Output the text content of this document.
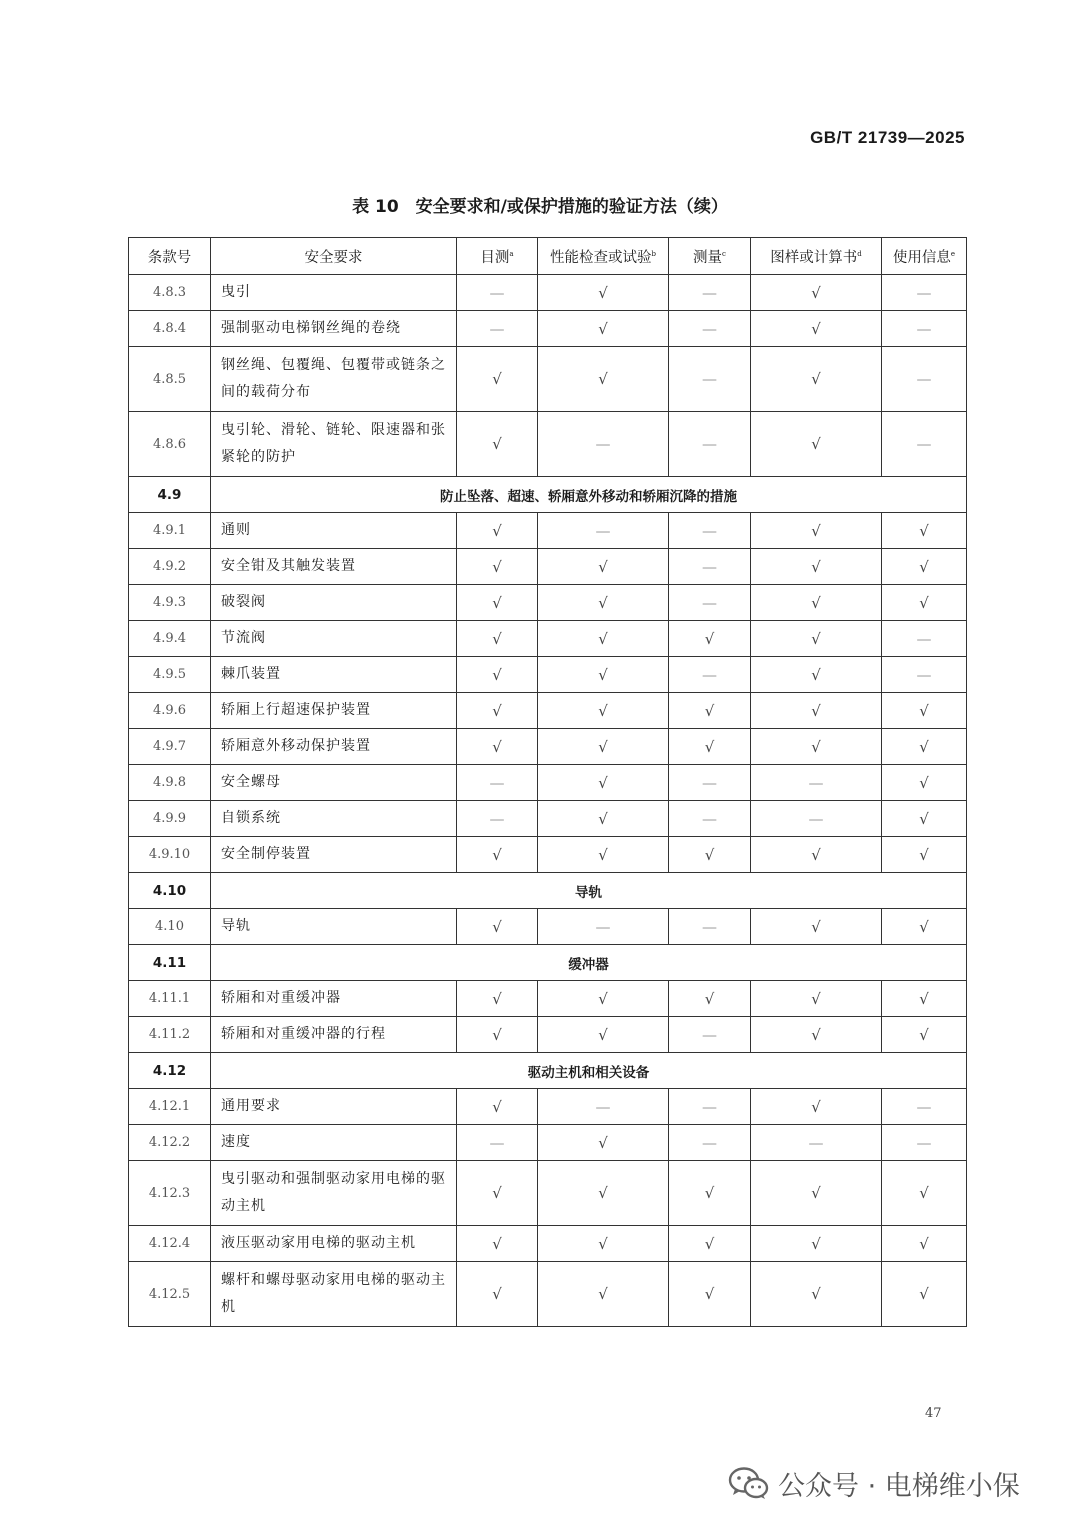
GB/T 21739—2025
表 10　安全要求和/或保护措施的验证方法（续）
条款号	安全要求	目测$^a$	性能检查或试验$^b$	测量$^c$	图样或计算书$^d$	使用信息$^e$
4.8.3	曳引	—	√	—	√	—
4.8.4	强制驱动电梯钢丝绳的卷绕	—	√	—	√	—
4.8.5	钢丝绳、包覆绳、包覆带或链条之间的载荷分布	√	√	—	√	—
4.8.6	曳引轮、滑轮、链轮、限速器和张紧轮的防护	√	—	—	√	—
4.9	防止坠落、超速、轿厢意外移动和轿厢沉降的措施					
4.9.1	通则	√	—	—	√	√
4.9.2	安全钳及其触发装置	√	√	—	√	√
4.9.3	破裂阀	√	√	—	√	√
4.9.4	节流阀	√	√	√	√	—
4.9.5	棘爪装置	√	√	—	√	—
4.9.6	轿厢上行超速保护装置	√	√	√	√	√
4.9.7	轿厢意外移动保护装置	√	√	√	√	√
4.9.8	安全螺母	—	√	—	—	√
4.9.9	自锁系统	—	√	—	—	√
4.9.10	安全制停装置	√	√	√	√	√
4.10	导轨					
4.10	导轨	√	—	—	√	√
4.11	缓冲器					
4.11.1	轿厢和对重缓冲器	√	√	√	√	√
4.11.2	轿厢和对重缓冲器的行程	√	√	—	√	√
4.12	驱动主机和相关设备					
4.12.1	通用要求	√	—	—	√	—
4.12.2	速度	—	√	—	—	—
4.12.3	曳引驱动和强制驱动家用电梯的驱动主机	√	√	√	√	√
4.12.4	液压驱动家用电梯的驱动主机	√	√	√	√	√
4.12.5	螺杆和螺母驱动家用电梯的驱动主机	√	√	√	√	√
47
公众号 · 电梯维小保
